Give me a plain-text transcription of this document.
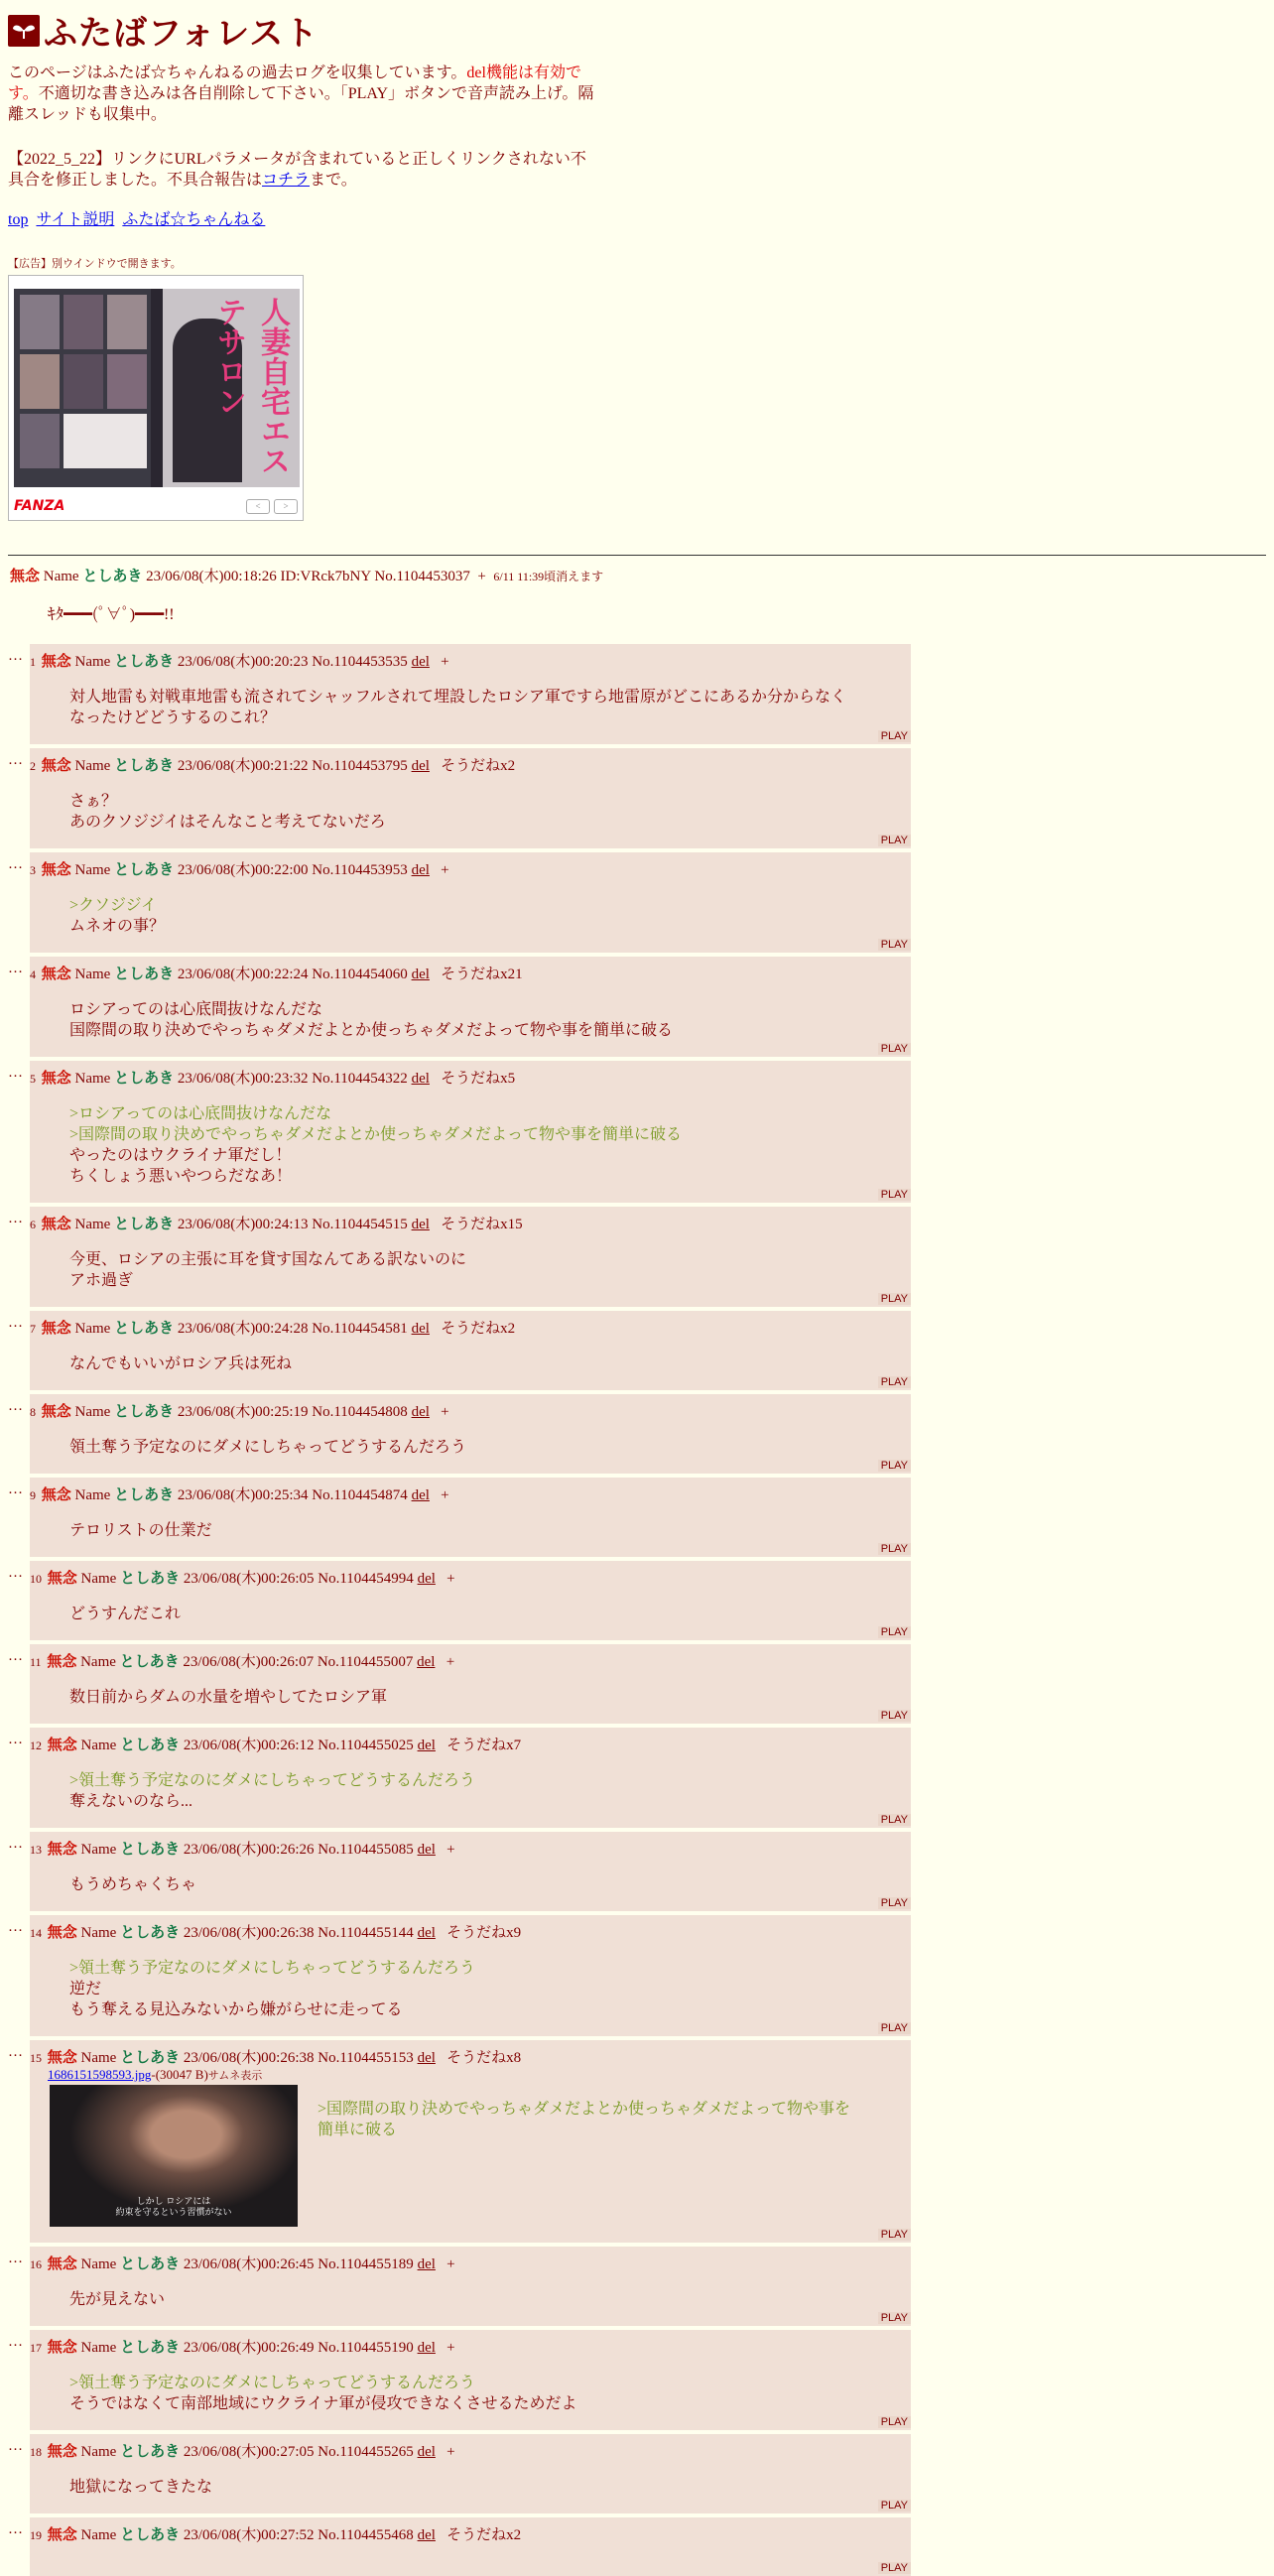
ふたばフォレスト
このページはふたば☆ちゃんねるの過去ログを収集しています。del機能は有効です。不適切な書き込みは各自削除して下さい。「PLAY」ボタンで音声読み上げ。隔離スレッドも収集中。
【2022_5_22】リンクにURLパラメータが含まれていると正しくリンクされない不具合を修正しました。不具合報告はコチラまで。
top サイト説明 ふたば☆ちゃんねる
【広告】別ウインドウで開きます。
人妻自宅エステサロン
FANZA	<	>
無念 Name としあき 23/06/08(木)00:18:26 ID:VRck7bNY No.1104453037 + 6/11 11:39頃消えます
ｷﾀ━━━(ﾟ∀ﾟ)━━━!!
… 1 無念 Name としあき 23/06/08(木)00:20:23 No.1104453535 del +
対人地雷も対戦車地雷も流されてシャッフルされて埋設したロシア軍ですら地雷原がどこにあるか分からなく
なったけどどうするのこれ？
PLAY
… 2 無念 Name としあき 23/06/08(木)00:21:22 No.1104453795 del そうだねx2
さぁ？
あのクソジジイはそんなこと考えてないだろ
PLAY
… 3 無念 Name としあき 23/06/08(木)00:22:00 No.1104453953 del +
>クソジジイ
ムネオの事？
PLAY
… 4 無念 Name としあき 23/06/08(木)00:22:24 No.1104454060 del そうだねx21
ロシアってのは心底間抜けなんだな
国際間の取り決めでやっちゃダメだよとか使っちゃダメだよって物や事を簡単に破る
PLAY
… 5 無念 Name としあき 23/06/08(木)00:23:32 No.1104454322 del そうだねx5
>ロシアってのは心底間抜けなんだな
>国際間の取り決めでやっちゃダメだよとか使っちゃダメだよって物や事を簡単に破る
やったのはウクライナ軍だし！
ちくしょう悪いやつらだなあ！
PLAY
… 6 無念 Name としあき 23/06/08(木)00:24:13 No.1104454515 del そうだねx15
今更、ロシアの主張に耳を貸す国なんてある訳ないのに
アホ過ぎ
PLAY
… 7 無念 Name としあき 23/06/08(木)00:24:28 No.1104454581 del そうだねx2
なんでもいいがロシア兵は死ね
PLAY
… 8 無念 Name としあき 23/06/08(木)00:25:19 No.1104454808 del +
領土奪う予定なのにダメにしちゃってどうするんだろう
PLAY
… 9 無念 Name としあき 23/06/08(木)00:25:34 No.1104454874 del +
テロリストの仕業だ
PLAY
… 10 無念 Name としあき 23/06/08(木)00:26:05 No.1104454994 del +
どうすんだこれ
PLAY
… 11 無念 Name としあき 23/06/08(木)00:26:07 No.1104455007 del +
数日前からダムの水量を増やしてたロシア軍
PLAY
… 12 無念 Name としあき 23/06/08(木)00:26:12 No.1104455025 del そうだねx7
>領土奪う予定なのにダメにしちゃってどうするんだろう
奪えないのなら...
PLAY
… 13 無念 Name としあき 23/06/08(木)00:26:26 No.1104455085 del +
もうめちゃくちゃ
PLAY
… 14 無念 Name としあき 23/06/08(木)00:26:38 No.1104455144 del そうだねx9
>領土奪う予定なのにダメにしちゃってどうするんだろう
逆だ
もう奪える見込みないから嫌がらせに走ってる
PLAY
… 15 無念 Name としあき 23/06/08(木)00:26:38 No.1104455153 del そうだねx8
1686151598593.jpg-(30047 B)サムネ表示
しかし ロシアには
約束を守るという習慣がない
>国際間の取り決めでやっちゃダメだよとか使っちゃダメだよって物や事を
簡単に破る
PLAY
… 16 無念 Name としあき 23/06/08(木)00:26:45 No.1104455189 del +
先が見えない
PLAY
… 17 無念 Name としあき 23/06/08(木)00:26:49 No.1104455190 del +
>領土奪う予定なのにダメにしちゃってどうするんだろう
そうではなくて南部地域にウクライナ軍が侵攻できなくさせるためだよ
PLAY
… 18 無念 Name としあき 23/06/08(木)00:27:05 No.1104455265 del +
地獄になってきたな
PLAY
… 19 無念 Name としあき 23/06/08(木)00:27:52 No.1104455468 del そうだねx2
PLAY
